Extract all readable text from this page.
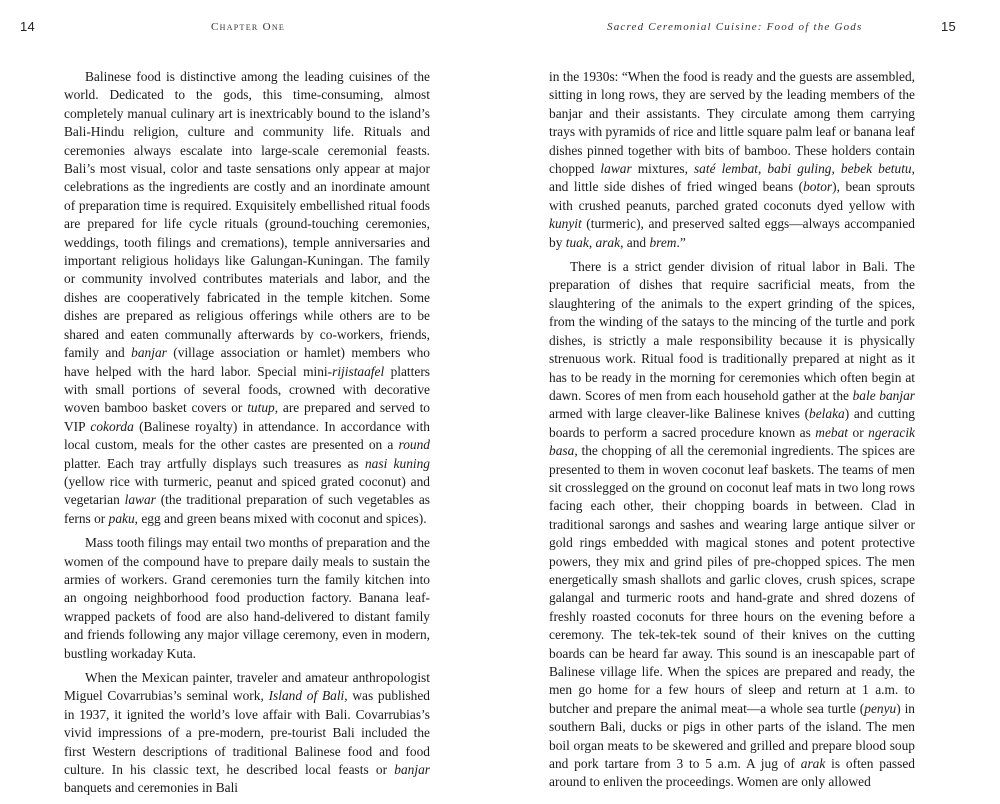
14	Chapter One

Balinese food is distinctive among the leading cuisines of the world. Dedicated to the gods, this time-consuming, almost completely manual culinary art is inextricably bound to the island’s Bali-Hindu religion, culture and community life. Rituals and ceremonies always escalate into large-scale ceremonial feasts. Bali’s most visual, color and taste sensations only appear at major celebrations as the ingredients are costly and an inordinate amount of preparation time is required. Exquisitely embellished ritual foods are prepared for life cycle rituals (ground-touching ceremonies, weddings, tooth filings and cremations), temple anniversaries and important religious holidays like Galungan-Kuningan. The family or community involved contributes materials and labor, and the dishes are cooperatively fabricated in the temple kitchen. Some dishes are prepared as religious offerings while others are to be shared and eaten communally afterwards by co-workers, friends, family and banjar (village association or hamlet) members who have helped with the hard labor. Special mini-rijistaafel platters with small portions of several foods, crowned with decorative woven bamboo basket covers or tutup, are prepared and served to VIP cokorda (Balinese royalty) in attendance. In accordance with local custom, meals for the other castes are presented on a round platter. Each tray artfully displays such treasures as nasi kuning (yellow rice with turmeric, peanut and spiced grated coconut) and vegetarian lawar (the traditional preparation of such vegetables as ferns or paku, egg and green beans mixed with coconut and spices).

Mass tooth filings may entail two months of preparation and the women of the compound have to prepare daily meals to sustain the armies of workers. Grand ceremonies turn the family kitchen into an ongoing neighborhood food production factory. Banana leaf-wrapped packets of food are also hand-delivered to distant family and friends following any major village ceremony, even in modern, bustling workaday Kuta.

When the Mexican painter, traveler and amateur anthropologist Miguel Covarrubias’s seminal work, Island of Bali, was published in 1937, it ignited the world’s love affair with Bali. Covarrubias’s vivid impressions of a pre-modern, pre-tourist Bali included the first Western descriptions of traditional Balinese food and food culture. In his classic text, he described local feasts or banjar banquets and ceremonies in Bali

Sacred Ceremonial Cuisine: Food of the Gods	15

in the 1930s: “When the food is ready and the guests are assembled, sitting in long rows, they are served by the leading members of the banjar and their assistants. They circulate among them carrying trays with pyramids of rice and little square palm leaf or banana leaf dishes pinned together with bits of bamboo. These holders contain chopped lawar mixtures, saté lembat, babi guling, bebek betutu, and little side dishes of fried winged beans (botor), bean sprouts with crushed peanuts, parched grated coconuts dyed yellow with kunyit (turmeric), and preserved salted eggs—always accompanied by tuak, arak, and brem.”

There is a strict gender division of ritual labor in Bali. The preparation of dishes that require sacrificial meats, from the slaughtering of the animals to the expert grinding of the spices, from the winding of the satays to the mincing of the turtle and pork dishes, is strictly a male responsibility because it is physically strenuous work. Ritual food is traditionally prepared at night as it has to be ready in the morning for ceremonies which often begin at dawn. Scores of men from each household gather at the bale banjar armed with large cleaver-like Balinese knives (belaka) and cutting boards to perform a sacred procedure known as mebat or ngeracik basa, the chopping of all the ceremonial ingredients. The spices are presented to them in woven coconut leaf baskets. The teams of men sit crosslegged on the ground on coconut leaf mats in two long rows facing each other, their chopping boards in between. Clad in traditional sarongs and sashes and wearing large antique silver or gold rings embedded with magical stones and potent protective powers, they mix and grind piles of pre-chopped spices. The men energetically smash shallots and garlic cloves, crush spices, scrape galangal and turmeric roots and hand-grate and shred dozens of freshly roasted coconuts for three hours on the evening before a ceremony. The tek-tek-tek sound of their knives on the cutting boards can be heard far away. This sound is an inescapable part of Balinese village life. When the spices are prepared and ready, the men go home for a few hours of sleep and return at 1 a.m. to butcher and prepare the animal meat—a whole sea turtle (penyu) in southern Bali, ducks or pigs in other parts of the island. The men boil organ meats to be skewered and grilled and prepare blood soup and pork tartare from 3 to 5 a.m. A jug of arak is often passed around to enliven the proceedings. Women are only allowed
